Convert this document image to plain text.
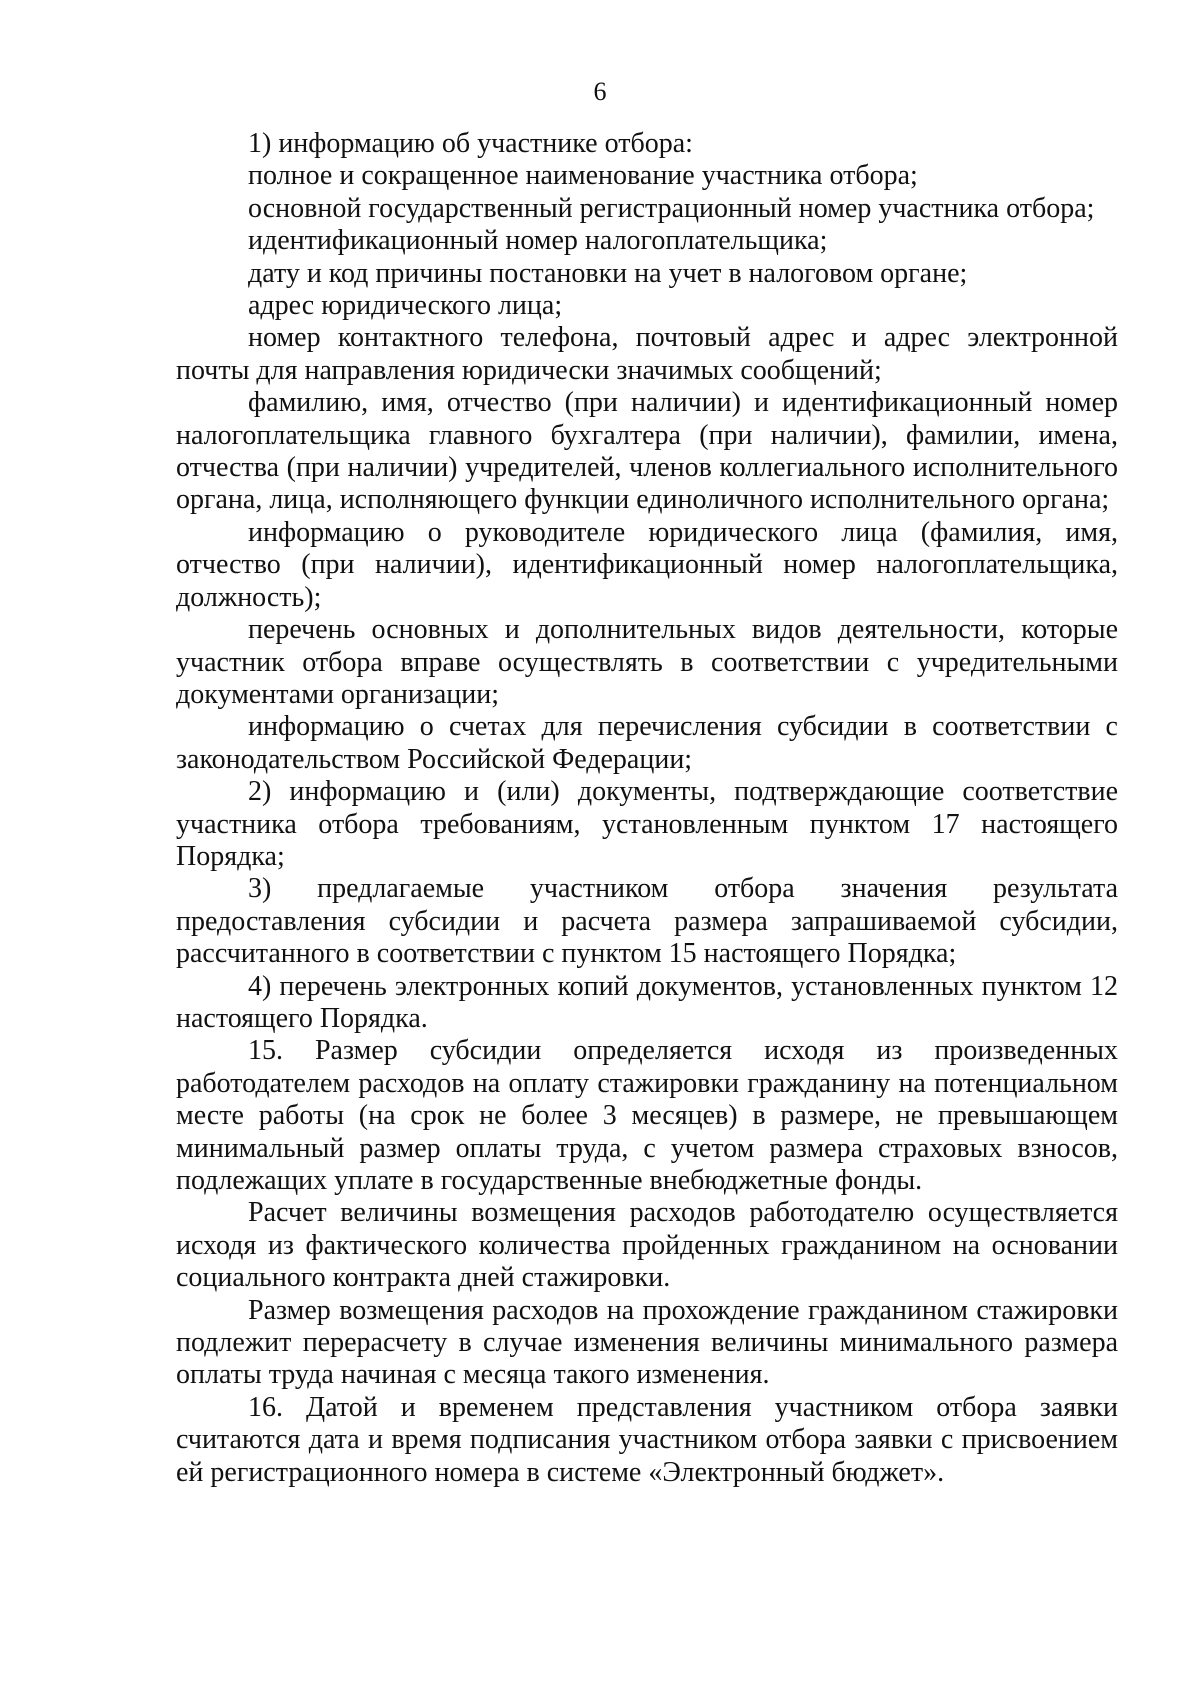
6

1) информацию об участнике отбора:

полное и сокращенное наименование участника отбора;

основной государственный регистрационный номер участника отбора;

идентификационный номер налогоплательщика;

дату и код причины постановки на учет в налоговом органе;

адрес юридического лица;

номер контактного телефона, почтовый адрес и адрес электронной почты для направления юридически значимых сообщений;

фамилию, имя, отчество (при наличии) и идентификационный номер налогоплательщика главного бухгалтера (при наличии), фамилии, имена, отчества (при наличии) учредителей, членов коллегиального исполнительного органа, лица, исполняющего функции единоличного исполнительного органа;

информацию о руководителе юридического лица (фамилия, имя, отчество (при наличии), идентификационный номер налогоплательщика, должность);

перечень основных и дополнительных видов деятельности, которые участник отбора вправе осуществлять в соответствии с учредительными документами организации;

информацию о счетах для перечисления субсидии в соответствии с законодательством Российской Федерации;

2) информацию и (или) документы, подтверждающие соответствие участника отбора требованиям, установленным пунктом 17 настоящего Порядка;

3) предлагаемые участником отбора значения результата предоставления субсидии и расчета размера запрашиваемой субсидии, рассчитанного в соответствии с пунктом 15 настоящего Порядка;

4) перечень электронных копий документов, установленных пунктом 12 настоящего Порядка.

15. Размер субсидии определяется исходя из произведенных работодателем расходов на оплату стажировки гражданину на потенциальном месте работы (на срок не более 3 месяцев) в размере, не превышающем минимальный размер оплаты труда, с учетом размера страховых взносов, подлежащих уплате в государственные внебюджетные фонды.

Расчет величины возмещения расходов работодателю осуществляется исходя из фактического количества пройденных гражданином на основании социального контракта дней стажировки.

Размер возмещения расходов на прохождение гражданином стажировки подлежит перерасчету в случае изменения величины минимального размера оплаты труда начиная с месяца такого изменения.

16. Датой и временем представления участником отбора заявки считаются дата и время подписания участником отбора заявки с присвоением ей регистрационного номера в системе «Электронный бюджет».
